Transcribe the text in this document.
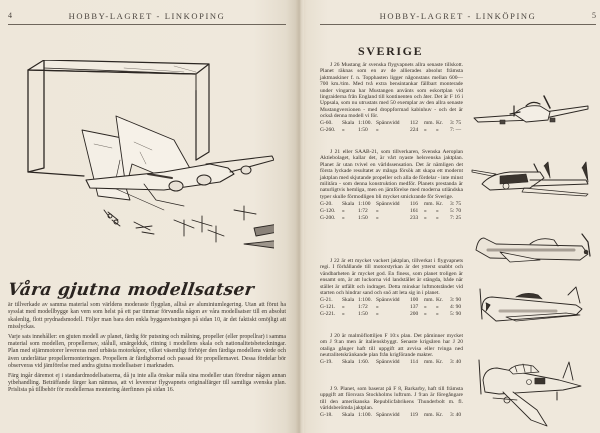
4	HOBBY-LAGRET - LINKOPING
Våra gjutna modellsatser

är tillverkade av samma material som världens moderaste flygplan, alltså av aluminiumlegering. Utan att förut ha sysslat med modellbygge kan vem som helst på ett par timmar förvandla någon av våra modellsatser till en absolut skalenlig, flott prydnadsmodell. Följer man bara den enkla bygganvisningen på sidan 10, är det faktiskt omöjligt att misslyckas.

Varje sats innehåller: en gjuten modell av planet, färdig för putsning och målning, propeller (eller propellrar) i samma material som modellen, propellernav, stålull, smärgelduk, ritning i modellens skala och nationalitetsbeteckningar. Plan med stjärnmotorer levereras med urbästa motorkåpor, vilket väsentligt förhöjer den färdiga modellens värde och även underlättar propellermonteringen. Propellern är färdigborrad och passad för propellernavet. Dessa fördelar bör observeras vid jämförelse med andra gjutna modellsatser i marknaden.

Färg ingår däremot ej i standardmodellsatserna, då ju inte alla önskar måla sina modeller utan föredrar någon annan ytbehandling. Beträffande färger kan nämnas, att vi levererar flygvapnets originalfärger till samtliga svenska plan. Prislista på tillbehör för modellernas montering återfinnes på sidan 16.

HOBBY-LAGRET - LINKÖPING	5
SVERIGE
J 26 Mustang är svenska flygvapnets allra senaste tillskott. Planet räknas som en av de allierades absolut främsta jaktmaskiner f. n. Topphasten ligger någonstans mellan 600—700 km./tim. Med två extra bensintankar fällbart monterade under vingarna har Mustangen använts som eskortplan vid lingraiderna från England till kontinenten och åter. Det är F 16 i Uppsala, som nu utrustats med 50 exemplar av den allra senaste Mustangversionen - med droppformad kabinhuv - och det är också denna modell vi för.
G-60.	Skala 1:100. Spännvidd	112	mm. Kr.	3: 75
G-260.	»	1:50	»	224	»	»	7: —
J 21 eller SAAB-21, som tillverkaren, Svenska Aeroplan Aktiebolaget, kallar det, är vårt nyaste helsvenska jaktplan. Planet är utan tvivel en världssensation. Det är nämligen det första lyckade resultatet av många försök att skapa ett modernt jaktplan med skjutande propeller och alla de fördelar - inte minst militära - som denna konstruktion medför. Planets prestanda är naturligtvis hemliga, men en jämförelse med moderna utländska typer skulle förmodligen bli mycket smickrande för Sverige.
G-20.	Skala 1:100 Spännvidd	116	mm. Kr.	3: 75
G-120.	»	1:72	»	161	»	»	5: 70
G-200.	»	1:50	»	233	»	»	7: 25
J 22 är ett mycket vackert jaktplan, tillverkat i flygvapnets regi. I förhållande till motorstyrkan är det ytterst snabbt och vändbarheten är mycket god. En finess, som planet troligen är ensamt om, är att luckorna vid landstället är stängda, både när stället är utfällt och indraget. Detta minskar luftmotståndet vid starten och hindrar sand och snö att leta sig in i planet.
G-21.	Skala 1:100. Spännvidd	100	mm. Kr.	3: 90
G-121.	»	1:72	»	137	»	»	4: 90
G-221.	»	1:50	»	200	»	»	5: 90
J 20 är malmöflottiljen F 10:s plan. Det påminner mycket om J 9:an men är italienskbyggt. Senaste krigsåren har J 20 otaliga gånger haft till uppgift att avvisa eller tvinga ned neutralitetskränkande plan från krigförande makter.
G-19.	Skala 1:60.	Spännvidd	114	mm. Kr.	3: 40
J 9. Planet, som baserat på F 8, Barkarby, haft till främsta uppgift att försvara Stockholms luftrum. J 9:an är föregångare till den amerikanska Republicfabrikens Thunderbolt m. fl. världsberömda jaktplan.
G-18.	Skala 1:100. Spännvidd	119	mm. Kr.	3: 40
